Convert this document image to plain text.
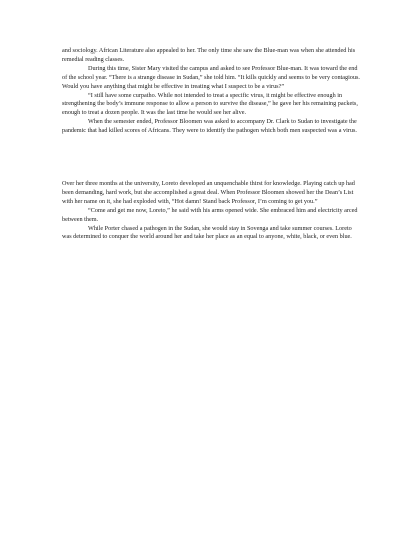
and sociology. African Literature also appealed to her. The only time she saw the Blue-man was when she attended his remedial reading classes.

During this time, Sister Mary visited the campus and asked to see Professor Blue-man. It was toward the end of the school year. “There is a strange disease in Sudan,” she told him. “It kills quickly and seems to be very contagious. Would you have anything that might be effective in treating what I suspect to be a virus?”

“I still have some curpatho. While not intended to treat a specific virus, it might be effective enough in strengthening the body’s immune response to allow a person to survive the disease,” he gave her his remaining packets, enough to treat a dozen people. It was the last time he would see her alive.

When the semester ended, Professor Bloomen was asked to accompany Dr. Clark to Sudan to investigate the pandemic that had killed scores of Africans. They were to identify the pathogen which both men suspected was a virus.

Over her three months at the university, Loreto developed an unquenchable thirst for knowledge. Playing catch up had been demanding, hard work, but she accomplished a great deal. When Professor Bloomen showed her the Dean’s List with her name on it, she had exploded with, “Hot damn! Stand back Professor, I’m coming to get you.”

“Come and get me now, Loreto,” he said with his arms opened wide. She embraced him and electricity arced between them.

While Porter chased a pathogen in the Sudan, she would stay in Sovenga and take summer courses. Loreto was determined to conquer the world around her and take her place as an equal to anyone, white, black, or even blue.
